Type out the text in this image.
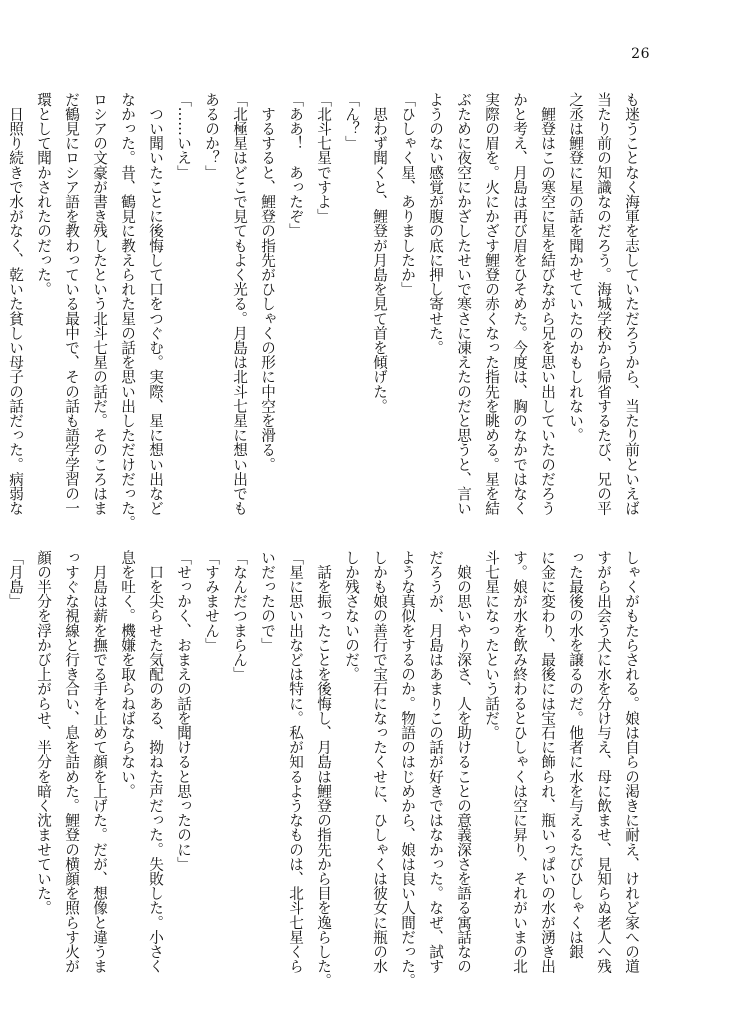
26
も迷うことなく海軍を志していただろうから、当たり前といえば
当たり前の知識なのだろう。海城学校から帰省するたび、兄の平
之丞は鯉登に星の話を聞かせていたのかもしれない。
　鯉登はこの寒空に星を結びながら兄を思い出していたのだろう
かと考え、月島は再び眉をひそめた。今度は、胸のなかではなく
実際の眉を。火にかざす鯉登の赤くなった指先を眺める。星を結
ぶために夜空にかざしたせいで寒さに凍えたのだと思うと、言い
ようのない感覚が腹の底に押し寄せた。
「ひしゃく星、ありましたか」
　思わず聞くと、鯉登が月島を見て首を傾げた。
「ん？」
「北斗七星ですよ」
「ああ！　あったぞ」
　するすると、鯉登の指先がひしゃくの形に中空を滑る。
「北極星はどこで見てもよく光る。月島は北斗七星に想い出でも
あるのか？」
「……いえ」
　つい聞いたことに後悔して口をつぐむ。実際、星に想い出など
なかった。昔、鶴見に教えられた星の話を思い出しただけだった。
ロシアの文豪が書き残したという北斗七星の話だ。そのころはま
だ鶴見にロシア語を教わっている最中で、その話も語学学習の一
環として聞かされたのだった。
　日照り続きで水がなく、乾いた貧しい母子の話だった。病弱な
しゃくがもたらされる。娘は自らの渇きに耐え、けれど家への道
すがら出会う犬に水を分け与え、母に飲ませ、見知らぬ老人へ残
った最後の水を譲るのだ。他者に水を与えるたびひしゃくは銀
に金に変わり、最後には宝石に飾られ、瓶いっぱいの水が湧き出
す。娘が水を飲み終わるとひしゃくは空に昇り、それがいまの北
斗七星になったという話だ。
　娘の思いやり深さ、人を助けることの意義深さを語る寓話なの
だろうが、月島はあまりこの話が好きではなかった。なぜ、試す
ような真似をするのか。物語のはじめから、娘は良い人間だった。
しかも娘の善行で宝石になったくせに、ひしゃくは彼女に瓶の水
しか残さないのだ。
　話を振ったことを後悔し、月島は鯉登の指先から目を逸らした。
「星に思い出などは特に。私が知るようなものは、北斗七星くら
いだったので」
「なんだつまらん」
「すみません」
「せっかく、おまえの話を聞けると思ったのに」
　口を尖らせた気配のある、拗ねた声だった。失敗した。小さく
息を吐く。機嫌を取らねばならない。
　月島は薪を撫でる手を止めて顔を上げた。だが、想像と違うま
っすぐな視線と行き合い、息を詰めた。鯉登の横顔を照らす火が
顔の半分を浮かび上がらせ、半分を暗く沈ませていた。
「月島」
